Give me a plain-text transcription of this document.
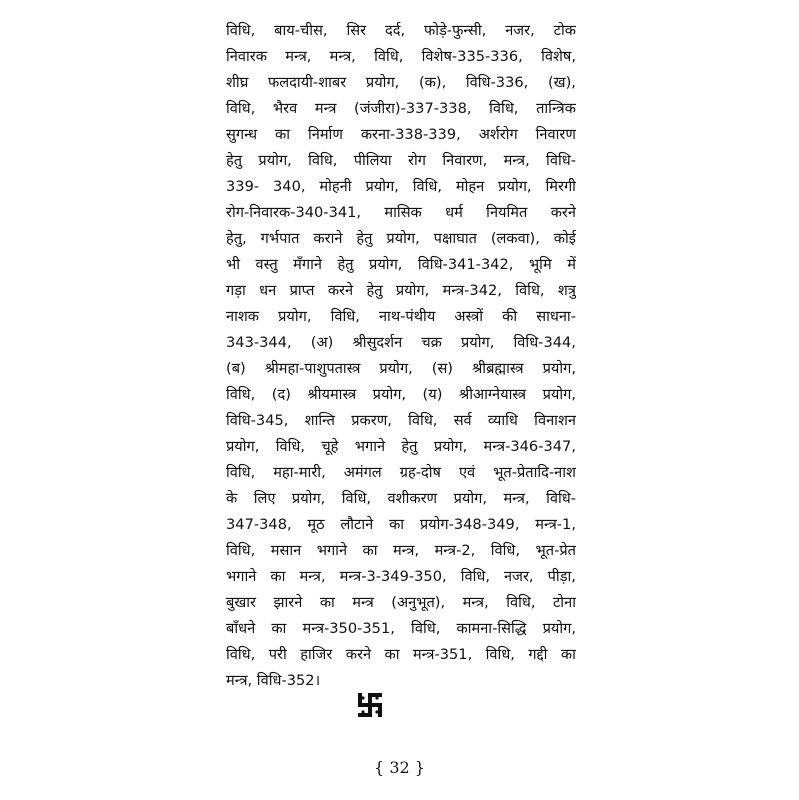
विधि, बाय-चीस, सिर दर्द, फोड़े-फुन्सी, नजर, टोक
निवारक मन्त्र, मन्त्र, विधि, विशेष-335-336, विशेष,
शीघ्र फलदायी-शाबर प्रयोग, (क), विधि-336, (ख),
विधि, भैरव मन्त्र (जंजीरा)-337-338, विधि, तान्त्रिक
सुगन्ध का निर्माण करना-338-339, अर्शरोग निवारण
हेतु प्रयोग, विधि, पीलिया रोग निवारण, मन्त्र, विधि-
339- 340, मोहनी प्रयोग, विधि, मोहन प्रयोग, मिरगी
रोग-निवारक-340-341, मासिक धर्म नियमित करने
हेतु, गर्भपात कराने हेतु प्रयोग, पक्षाघात (लकवा), कोई
भी वस्तु मँगाने हेतु प्रयोग, विधि-341-342, भूमि में
गड़ा धन प्राप्त करने हेतु प्रयोग, मन्त्र-342, विधि, शत्रु
नाशक प्रयोग, विधि, नाथ-पंथीय अस्त्रों की साधना-
343-344, (अ) श्रीसुदर्शन चक्र प्रयोग, विधि-344,
(ब) श्रीमहा-पाशुपतास्त्र प्रयोग, (स) श्रीब्रह्मास्त्र प्रयोग,
विधि, (द) श्रीयमास्त्र प्रयोग, (य) श्रीआग्नेयास्त्र प्रयोग,
विधि-345, शान्ति प्रकरण, विधि, सर्व व्याधि विनाशन
प्रयोग, विधि, चूहे भगाने हेतु प्रयोग, मन्त्र-346-347,
विधि, महा-मारी, अमंगल ग्रह-दोष एवं भूत-प्रेतादि-नाश
के लिए प्रयोग, विधि, वशीकरण प्रयोग, मन्त्र, विधि-
347-348, मूठ लौटाने का प्रयोग-348-349, मन्त्र-1,
विधि, मसान भगाने का मन्त्र, मन्त्र-2, विधि, भूत-प्रेत
भगाने का मन्त्र, मन्त्र-3-349-350, विधि, नजर, पीड़ा,
बुखार झारने का मन्त्र (अनुभूत), मन्त्र, विधि, टोना
बाँधने का मन्त्र-350-351, विधि, कामना-सिद्धि प्रयोग,
विधि, परी हाजिर करने का मन्त्र-351, विधि, गद्दी का
मन्त्र, विधि-352।
{ 32 }
